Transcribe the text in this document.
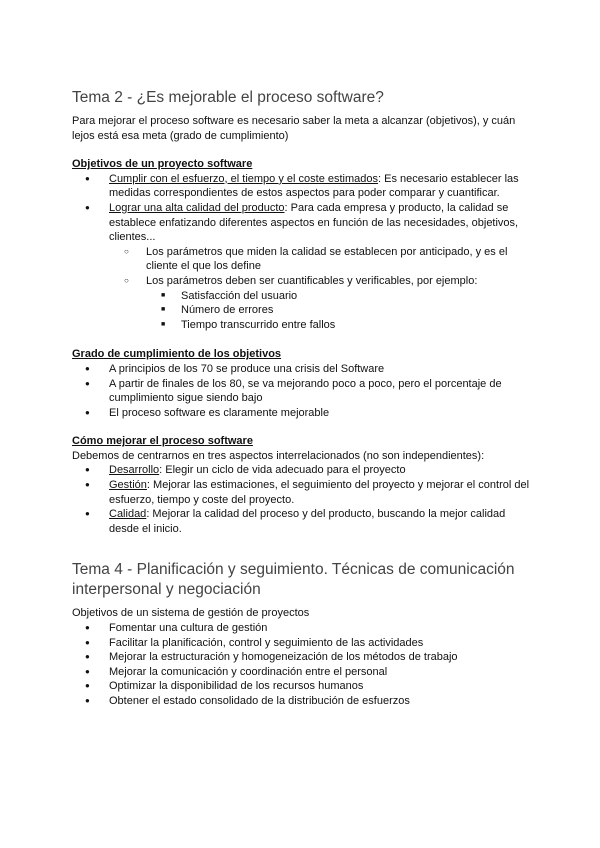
Tema 2 - ¿Es mejorable el proceso software?

Para mejorar el proceso software es necesario saber la meta a alcanzar (objetivos), y cuán lejos está esa meta (grado de cumplimiento)

Objetivos de un proyecto software

● Cumplir con el esfuerzo, el tiempo y el coste estimados: Es necesario establecer las medidas correspondientes de estos aspectos para poder comparar y cuantificar.
● Lograr una alta calidad del producto: Para cada empresa y producto, la calidad se establece enfatizando diferentes aspectos en función de las necesidades, objetivos, clientes...
○ Los parámetros que miden la calidad se establecen por anticipado, y es el cliente el que los define
○ Los parámetros deben ser cuantificables y verificables, por ejemplo:
■ Satisfacción del usuario
■ Número de errores
■ Tiempo transcurrido entre fallos

Grado de cumplimiento de los objetivos

● A principios de los 70 se produce una crisis del Software
● A partir de finales de los 80, se va mejorando poco a poco, pero el porcentaje de cumplimiento sigue siendo bajo
● El proceso software es claramente mejorable

Cómo mejorar el proceso software

Debemos de centrarnos en tres aspectos interrelacionados (no son independientes):

● Desarrollo: Elegir un ciclo de vida adecuado para el proyecto
● Gestión: Mejorar las estimaciones, el seguimiento del proyecto y mejorar el control del esfuerzo, tiempo y coste del proyecto.
● Calidad: Mejorar la calidad del proceso y del producto, buscando la mejor calidad desde el inicio.
Tema 4 - Planificación y seguimiento. Técnicas de comunicación interpersonal y negociación

Objetivos de un sistema de gestión de proyectos

● Fomentar una cultura de gestión
● Facilitar la planificación, control y seguimiento de las actividades
● Mejorar la estructuración y homogeneización de los métodos de trabajo
● Mejorar la comunicación y coordinación entre el personal
● Optimizar la disponibilidad de los recursos humanos
● Obtener el estado consolidado de la distribución de esfuerzos
